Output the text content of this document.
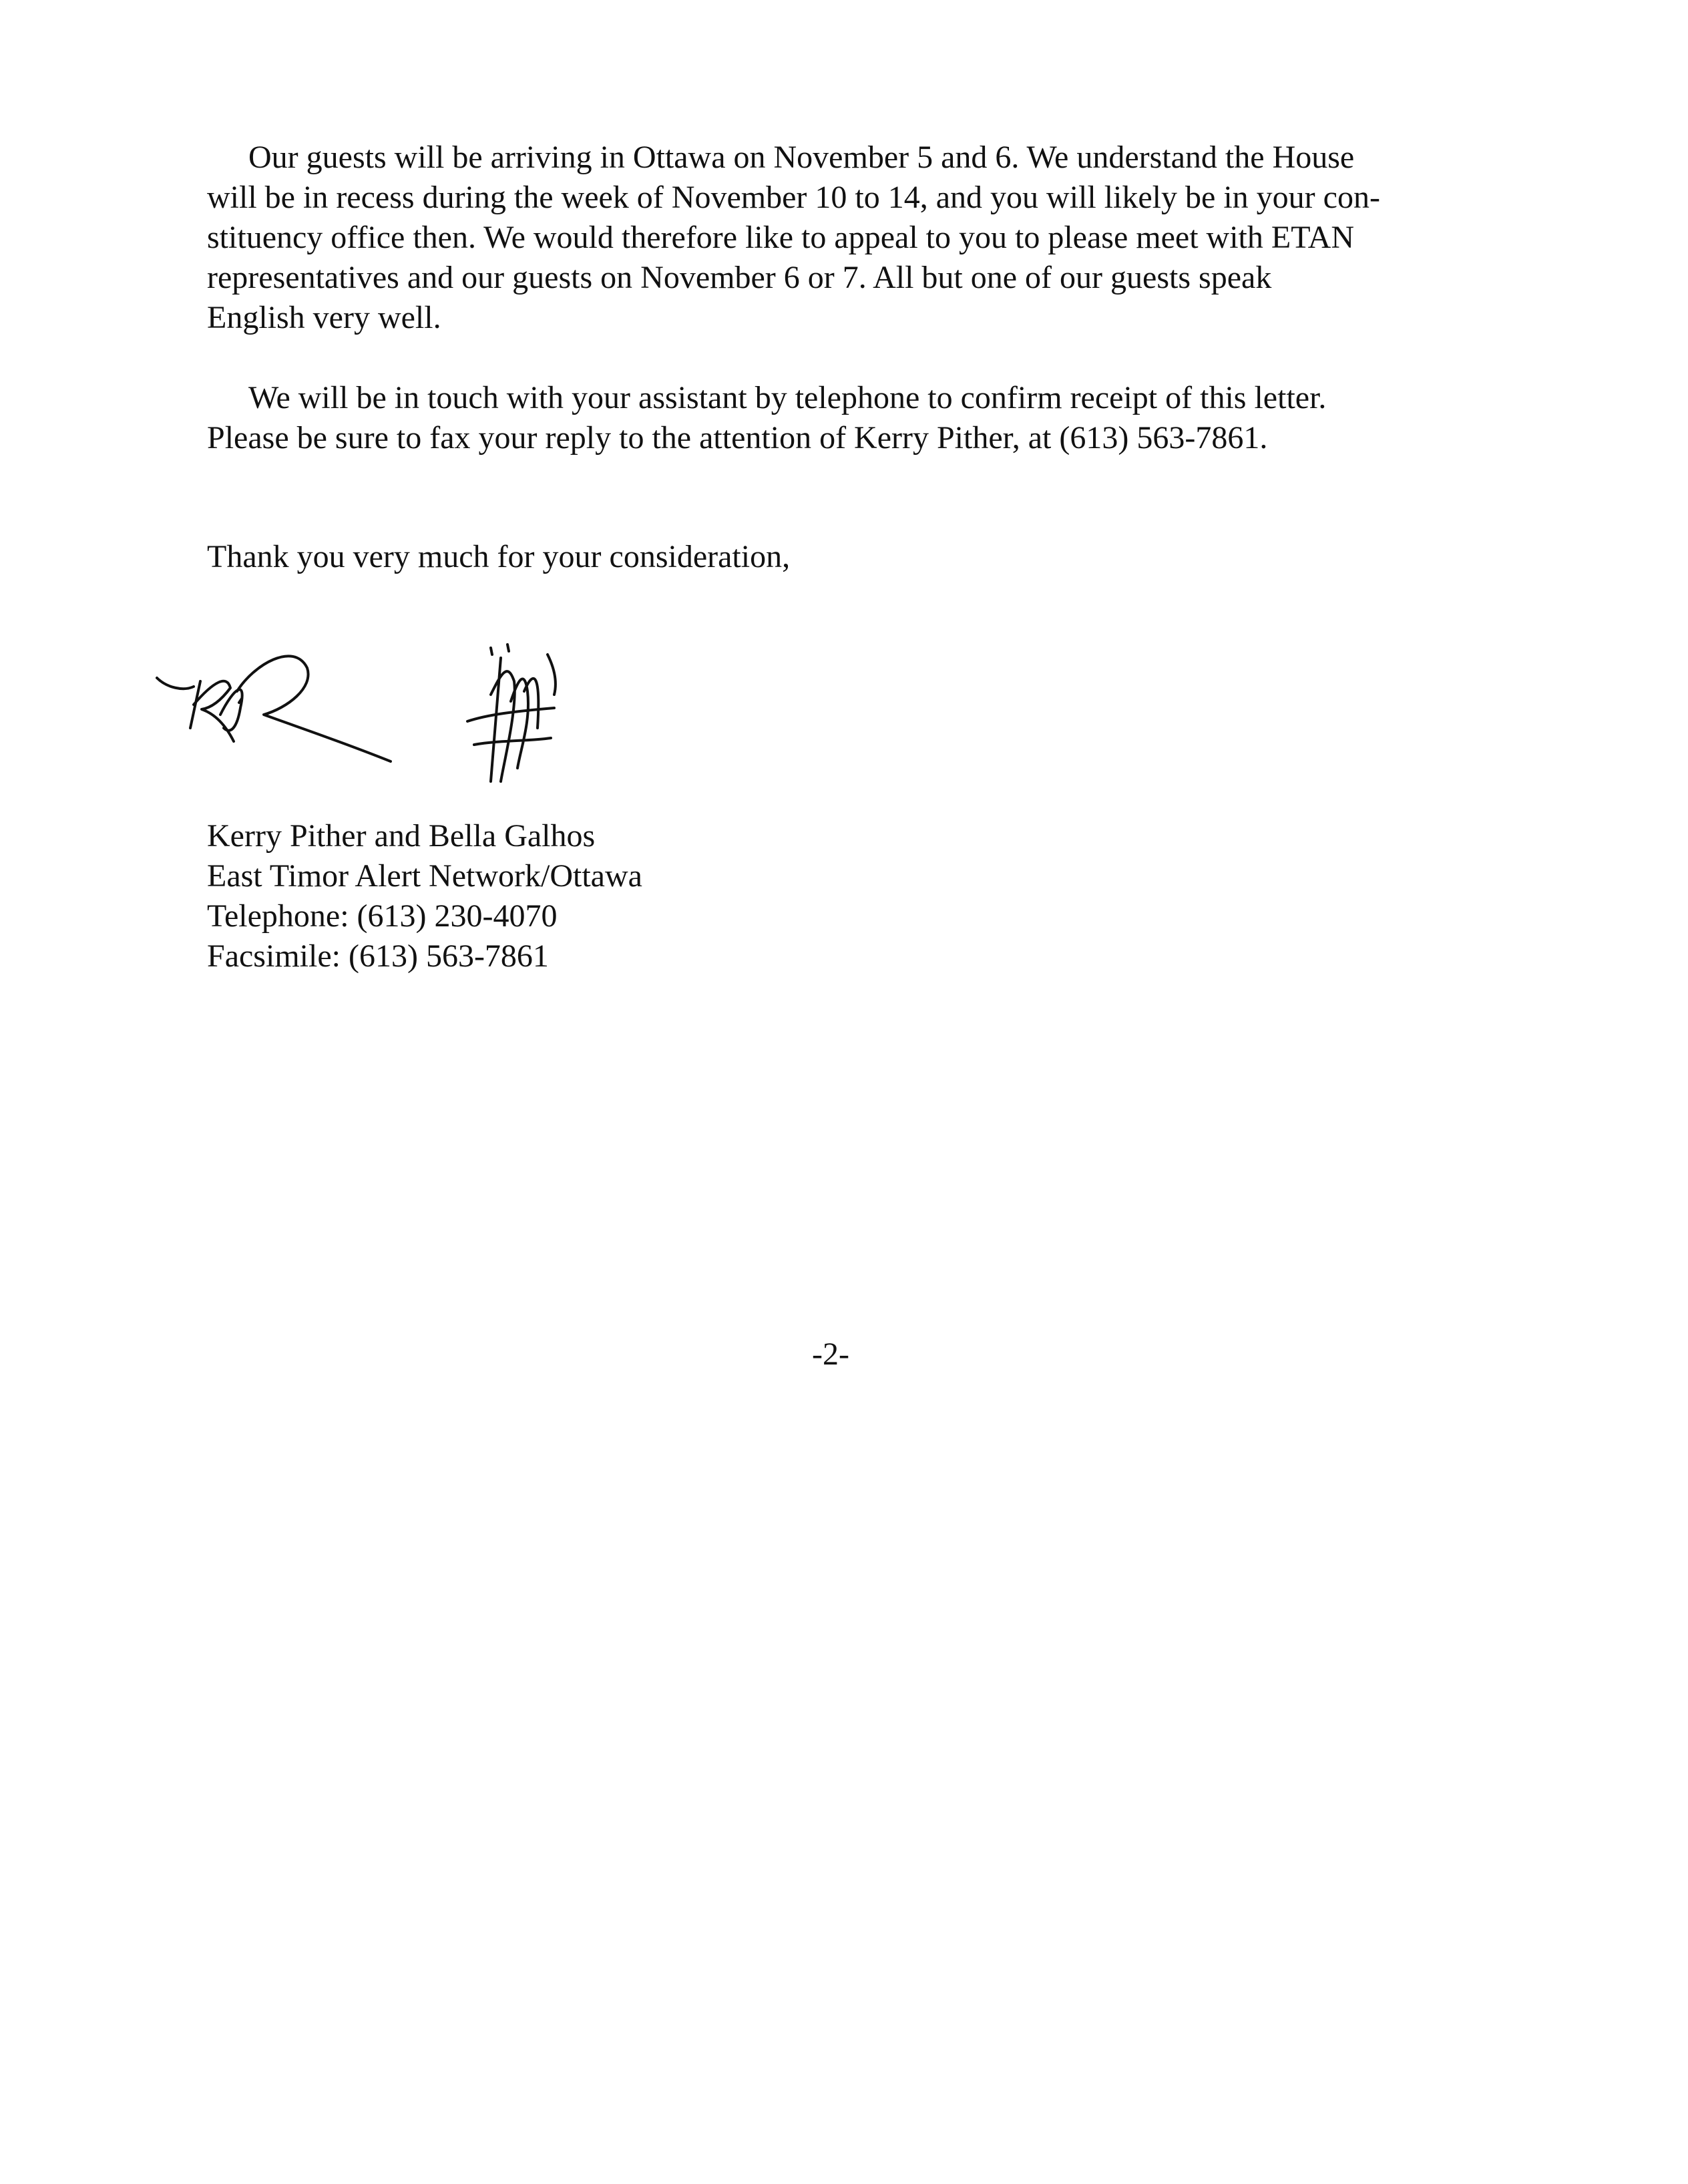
Our guests will be arriving in Ottawa on November 5 and 6. We understand the House
will be in recess during the week of November 10 to 14, and you will likely be in your con-
stituency office then. We would therefore like to appeal to you to please meet with ETAN
representatives and our guests on November 6 or 7. All but one of our guests speak
English very well.

We will be in touch with your assistant by telephone to confirm receipt of this letter.
Please be sure to fax your reply to the attention of Kerry Pither, at (613) 563-7861.

Thank you very much for your consideration,

Kerry Pither and Bella Galhos
East Timor Alert Network/Ottawa
Telephone: (613) 230-4070
Facsimile: (613) 563-7861

-2-
